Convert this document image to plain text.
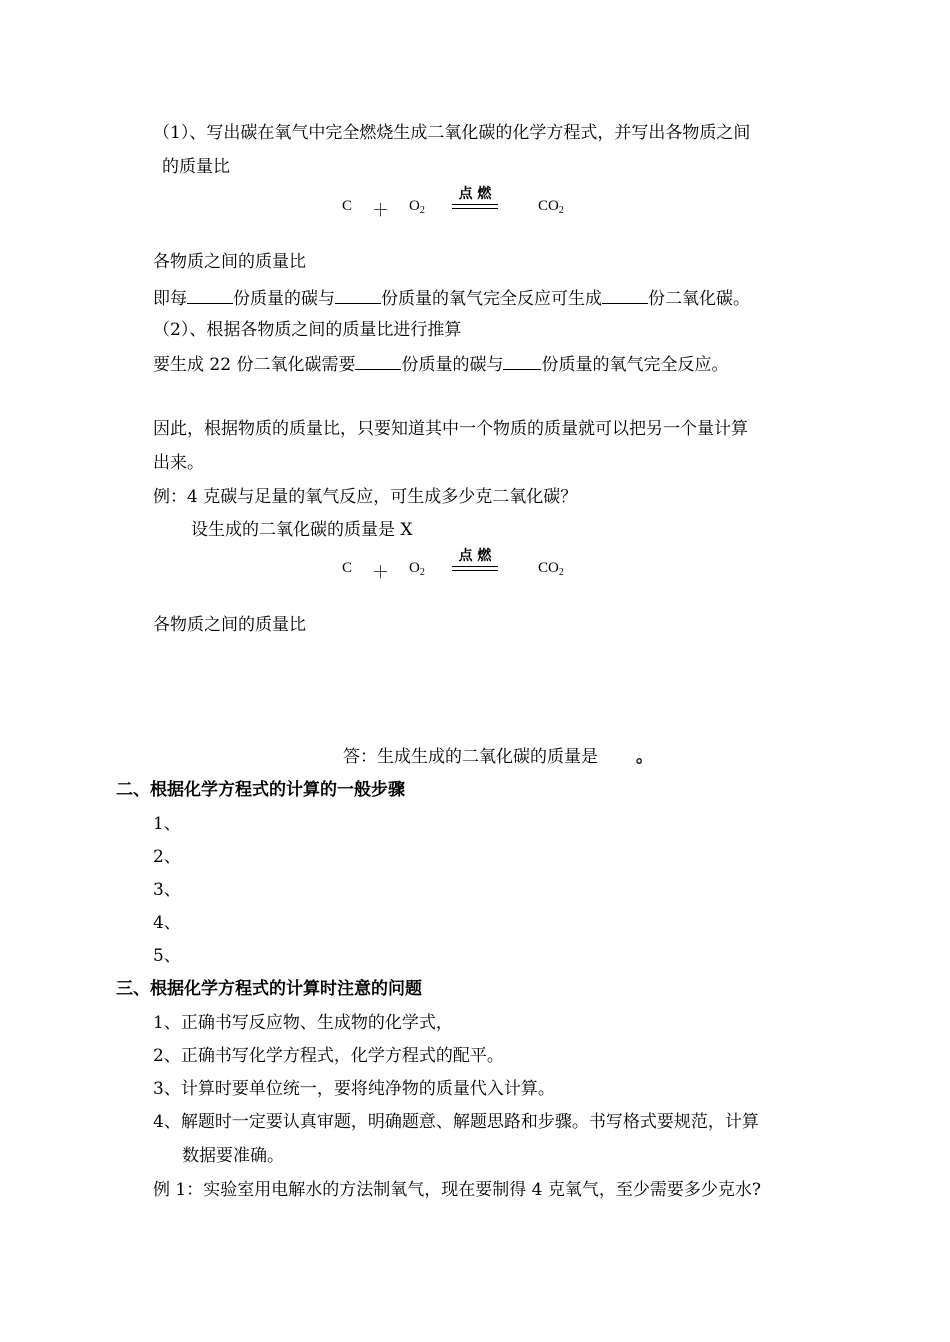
（1）、写出碳在氧气中完全燃烧生成二氧化碳的化学方程式，并写出各物质之间
的质量比
$C + O_2$
点 燃
$CO_2$
各物质之间的质量比
即每	份质量的碳与	份质量的氧气完全反应可生成	份二氧化碳。
（2）、根据各物质之间的质量比进行推算
要生成 22 份二氧化碳需要	份质量的碳与 份质量的氧气完全反应。
因此，根据物质的质量比，只要知道其中一个物质的质量就可以把另一个量计算
出来。
例：4 克碳与足量的氧气反应，可生成多少克二氧化碳？
设生成的二氧化碳的质量是 X
$C + O_2$
点 燃
$CO_2$
各物质之间的质量比
答：生成生成的二氧化碳的质量是 。
二、根据化学方程式的计算的一般步骤
1、
2、
3、
4、
5、
三、根据化学方程式的计算时注意的问题
1、正确书写反应物、生成物的化学式，
2、正确书写化学方程式，化学方程式的配平。
3、计算时要单位统一，要将纯净物的质量代入计算。
4、解题时一定要认真审题，明确题意、解题思路和步骤。书写格式要规范，计算
数据要准确。
例 1：实验室用电解水的方法制氧气，现在要制得 4 克氧气，至少需要多少克水?
